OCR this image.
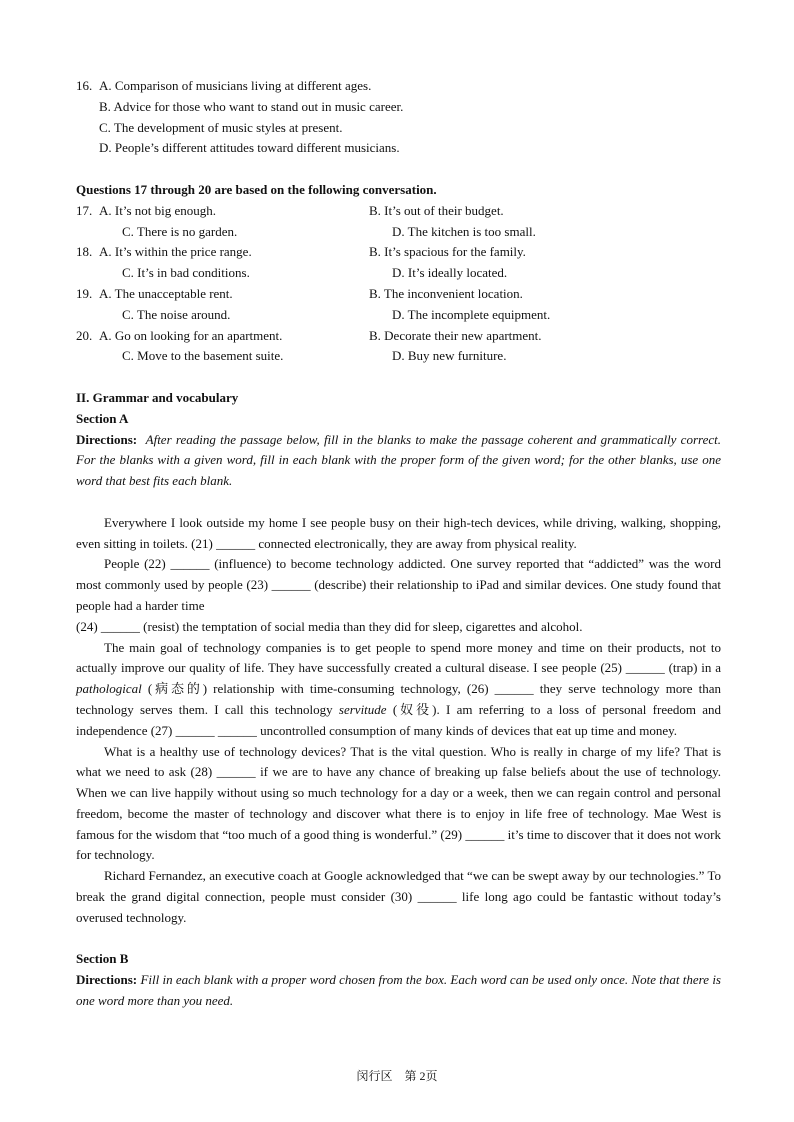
16. A. Comparison of musicians living at different ages.
B. Advice for those who want to stand out in music career.
C. The development of music styles at present.
D. People’s different attitudes toward different musicians.
Questions 17 through 20 are based on the following conversation.
17. A. It’s not big enough.	B. It’s out of their budget.
C. There is no garden.	D. The kitchen is too small.
18. A. It’s within the price range.	B. It’s spacious for the family.
C. It’s in bad conditions.	D. It’s ideally located.
19. A. The unacceptable rent.	B. The inconvenient location.
C. The noise around.	D. The incomplete equipment.
20. A. Go on looking for an apartment.	B. Decorate their new apartment.
C. Move to the basement suite.	D. Buy new furniture.
II. Grammar and vocabulary
Section A

Directions: After reading the passage below, fill in the blanks to make the passage coherent and grammatically correct. For the blanks with a given word, fill in each blank with the proper form of the given word; for the other blanks, use one word that best fits each blank.

Everywhere I look outside my home I see people busy on their high-tech devices, while driving, walking, shopping, even sitting in toilets. (21) ______ connected electronically, they are away from physical reality.

People (22) ______ (influence) to become technology addicted. One survey reported that “addicted” was the word most commonly used by people (23) ______ (describe) their relationship to iPad and similar devices. One study found that people had a harder time

(24) ______ (resist) the temptation of social media than they did for sleep, cigarettes and alcohol.

The main goal of technology companies is to get people to spend more money and time on their products, not to actually improve our quality of life. They have successfully created a cultural disease. I see people (25) ______ (trap) in a pathological (病态的) relationship with time-consuming technology, (26) ______ they serve technology more than technology serves them. I call this technology servitude (奴役). I am referring to a loss of personal freedom and independence (27) ______ ______ uncontrolled consumption of many kinds of devices that eat up time and money.

What is a healthy use of technology devices? That is the vital question. Who is really in charge of my life? That is what we need to ask (28) ______ if we are to have any chance of breaking up false beliefs about the use of technology. When we can live happily without using so much technology for a day or a week, then we can regain control and personal freedom, become the master of technology and discover what there is to enjoy in life free of technology. Mae West is famous for the wisdom that “too much of a good thing is wonderful.” (29) ______ it’s time to discover that it does not work for technology.

Richard Fernandez, an executive coach at Google acknowledged that “we can be swept away by our technologies.” To break the grand digital connection, people must consider (30) ______ life long ago could be fantastic without today’s overused technology.

Section B

Directions: Fill in each blank with a proper word chosen from the box. Each word can be used only once. Note that there is one word more than you need.

闵行区 第 2页
